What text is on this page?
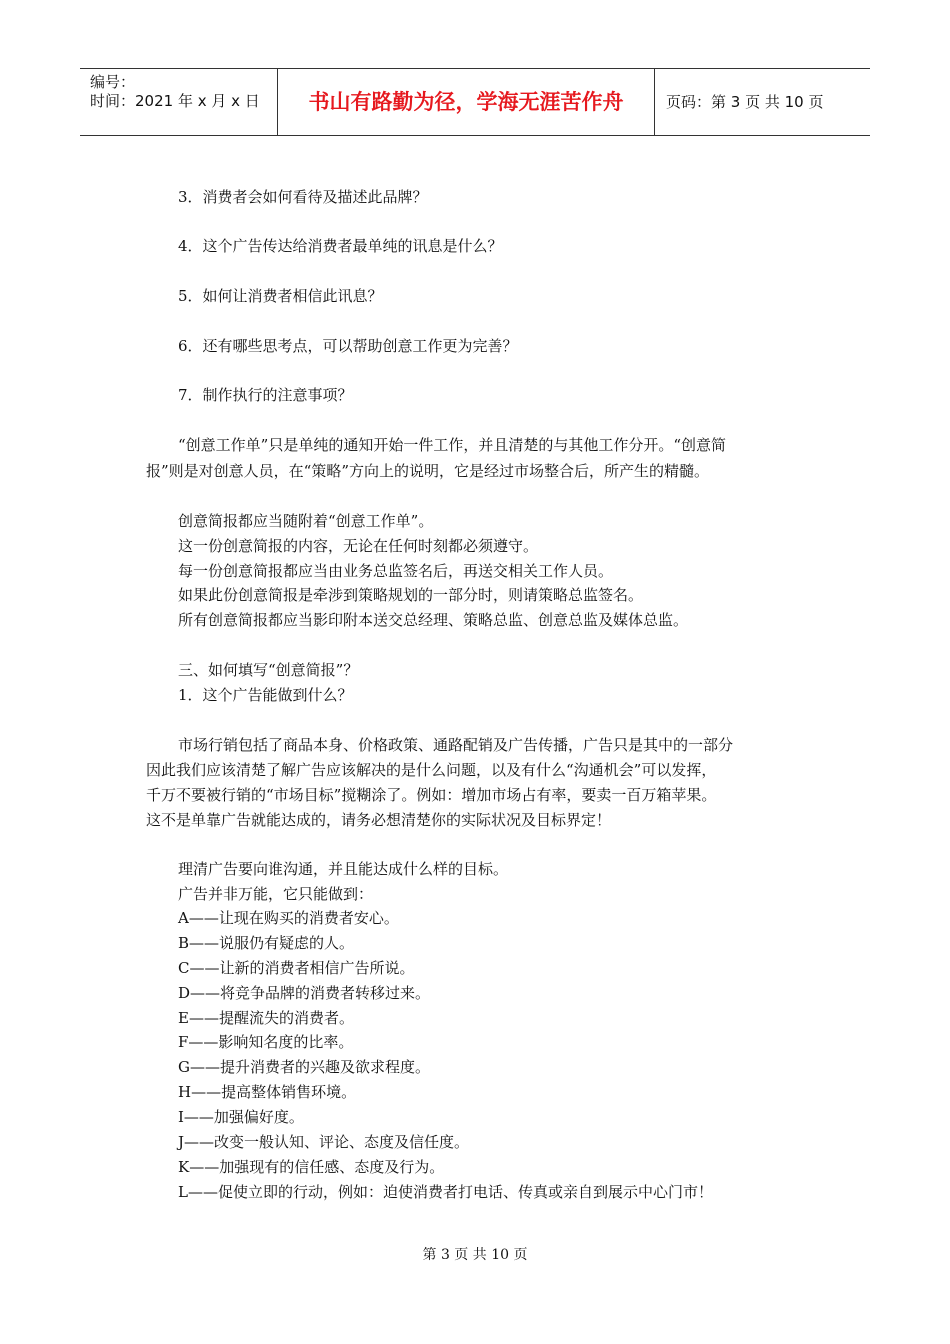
编号：
时间：2021 年 x 月 x 日	书山有路勤为径，学海无涯苦作舟	页码：第 3 页 共 10 页
3．消费者会如何看待及描述此品牌？
4．这个广告传达给消费者最单纯的讯息是什么？
5．如何让消费者相信此讯息？
6．还有哪些思考点，可以帮助创意工作更为完善？
7．制作执行的注意事项？
“创意工作单”只是单纯的通知开始一件工作，并且清楚的与其他工作分开。“创意简
报”则是对创意人员，在“策略”方向上的说明，它是经过市场整合后，所产生的精髓。
创意简报都应当随附着“创意工作单”。
这一份创意简报的内容，无论在任何时刻都必须遵守。
每一份创意简报都应当由业务总监签名后，再送交相关工作人员。
如果此份创意简报是牵涉到策略规划的一部分时，则请策略总监签名。
所有创意简报都应当影印附本送交总经理、策略总监、创意总监及媒体总监。
三、如何填写“创意简报”？
1．这个广告能做到什么？
市场行销包括了商品本身、价格政策、通路配销及广告传播，广告只是其中的一部分
因此我们应该清楚了解广告应该解决的是什么问题，以及有什么“沟通机会”可以发挥，
千万不要被行销的“市场目标”搅糊涂了。例如：增加市场占有率，要卖一百万箱苹果。
这不是单靠广告就能达成的，请务必想清楚你的实际状况及目标界定！
理清广告要向谁沟通，并且能达成什么样的目标。
广告并非万能，它只能做到：
A——让现在购买的消费者安心。
B——说服仍有疑虑的人。
C——让新的消费者相信广告所说。
D——将竞争品牌的消费者转移过来。
E——提醒流失的消费者。
F——影响知名度的比率。
G——提升消费者的兴趣及欲求程度。
H——提高整体销售环境。
I——加强偏好度。
J——改变一般认知、评论、态度及信任度。
K——加强现有的信任感、态度及行为。
L——促使立即的行动，例如：迫使消费者打电话、传真或亲自到展示中心门市！
第 3 页 共 10 页
